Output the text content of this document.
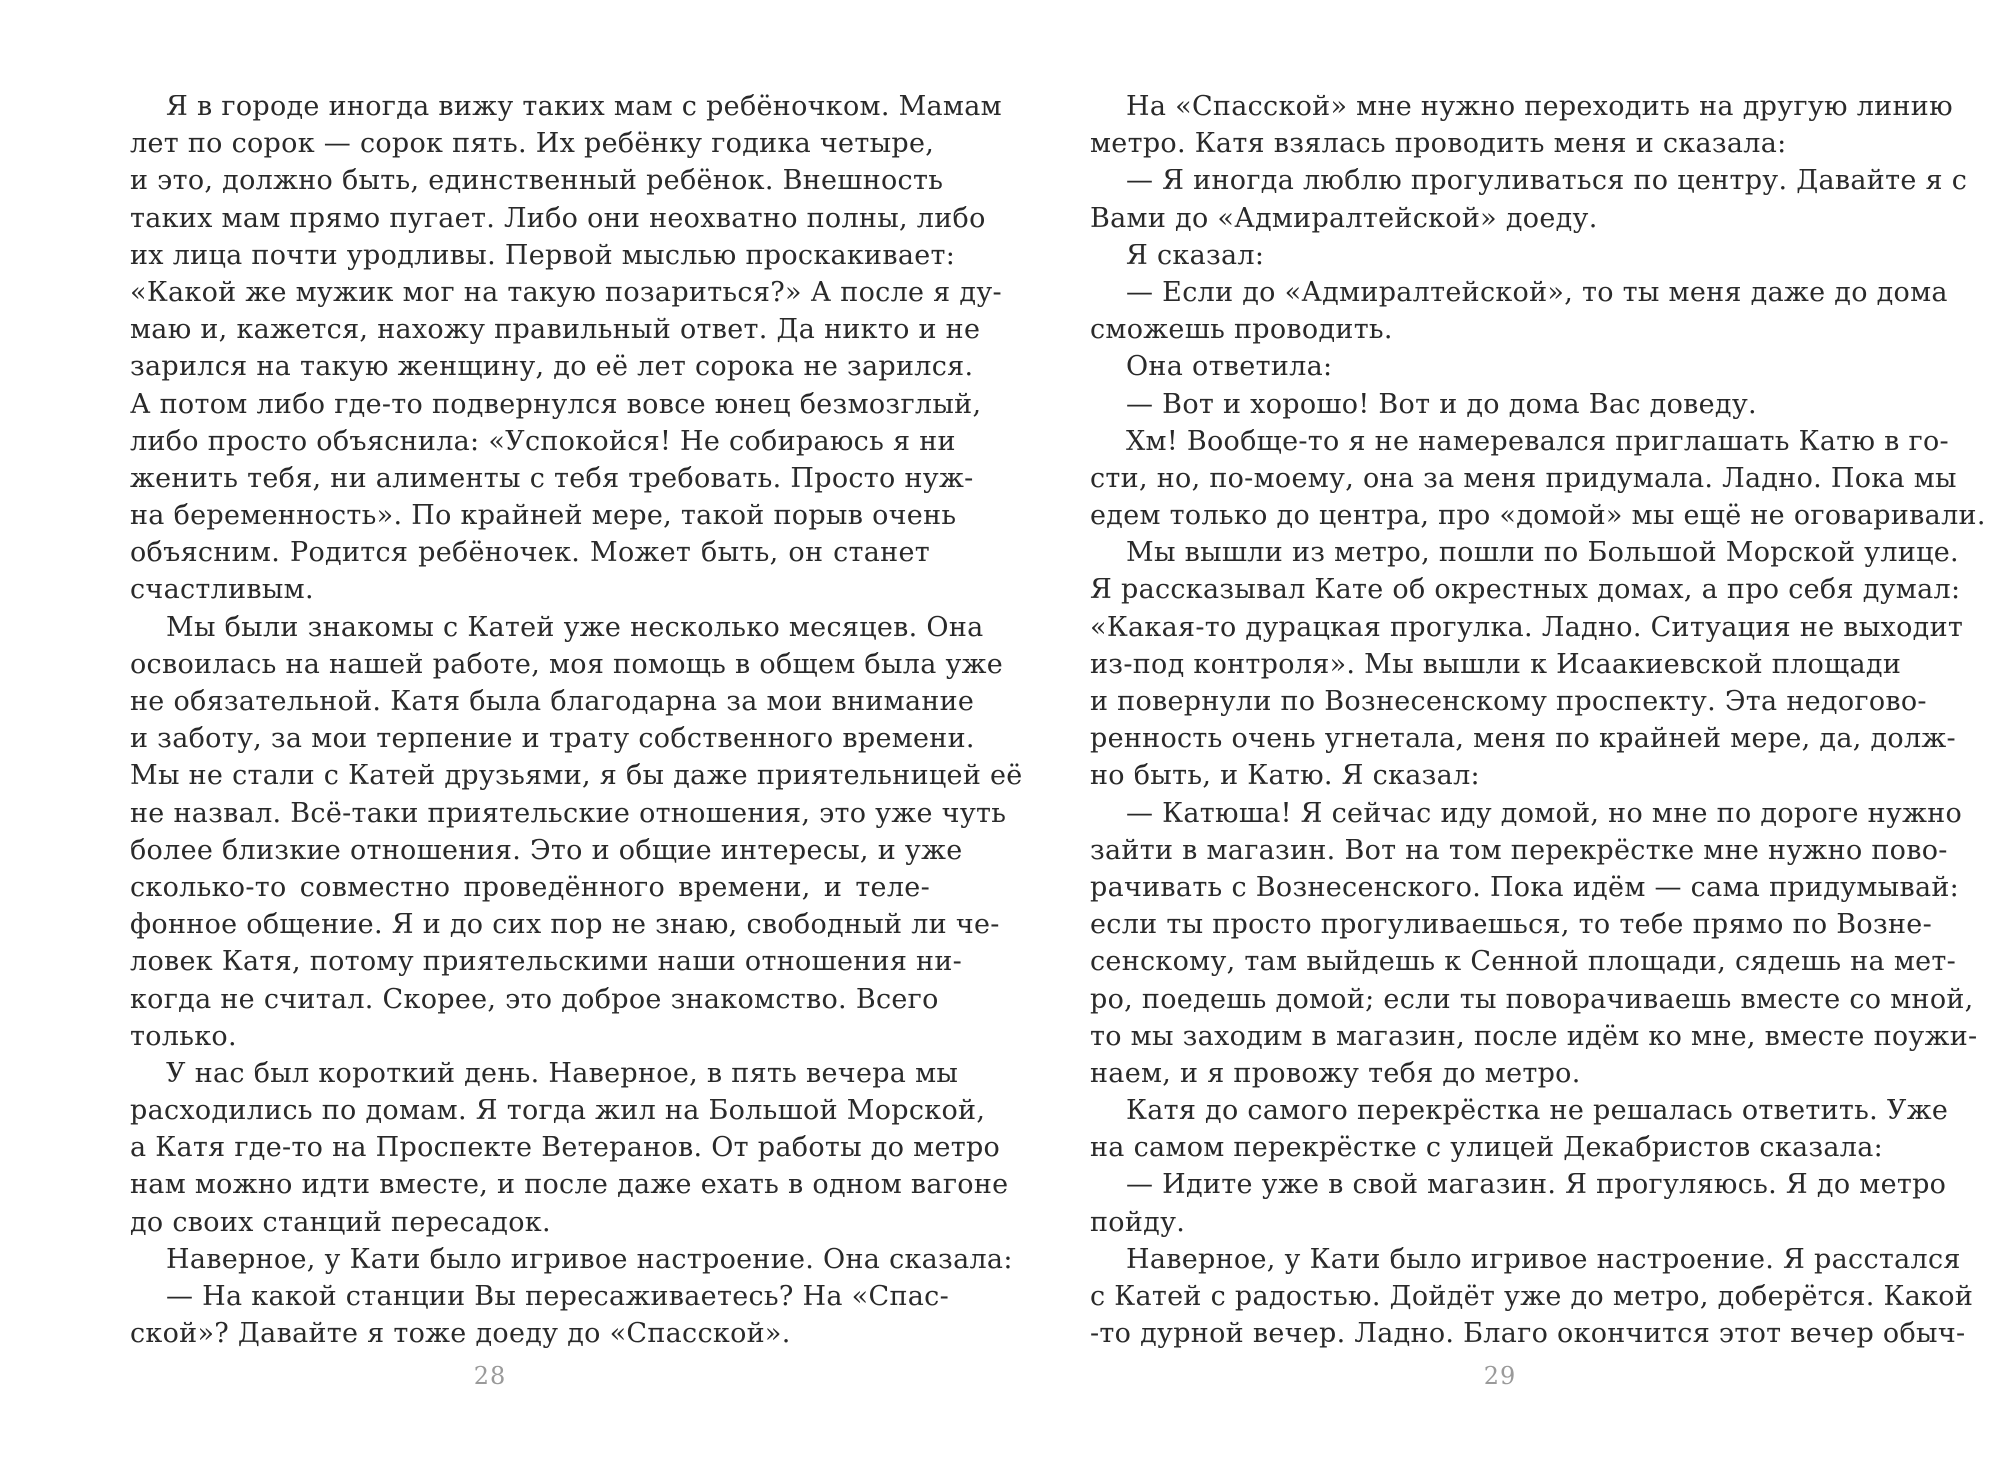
Я в городе иногда вижу таких мам с ребёночком. Мамам
лет по сорок — сорок пять. Их ребёнку годика четыре,
и это, должно быть, единственный ребёнок. Внешность
таких мам прямо пугает. Либо они неохватно полны, либо
их лица почти уродливы. Первой мыслью проскакивает:
«Какой же мужик мог на такую позариться?» А после я ду-
маю и, кажется, нахожу правильный ответ. Да никто и не
зарился на такую женщину, до её лет сорока не зарился.
А потом либо где-то подвернулся вовсе юнец безмозглый,
либо просто объяснила: «Успокойся! Не собираюсь я ни
женить тебя, ни алименты с тебя требовать. Просто нуж-
на беременность». По крайней мере, такой порыв очень
объясним. Родится ребёночек. Может быть, он станет
счастливым.
Мы были знакомы с Катей уже несколько месяцев. Она
освоилась на нашей работе, моя помощь в общем была уже
не обязательной. Катя была благодарна за мои внимание
и заботу, за мои терпение и трату собственного времени.
Мы не стали с Катей друзьями, я бы даже приятельницей её
не назвал. Всё-таки приятельские отношения, это уже чуть
более близкие отношения. Это и общие интересы, и уже
сколько-то совместно проведённого времени, и теле-
фонное общение. Я и до сих пор не знаю, свободный ли че-
ловек Катя, потому приятельскими наши отношения ни-
когда не считал. Скорее, это доброе знакомство. Всего
только.
У нас был короткий день. Наверное, в пять вечера мы
расходились по домам. Я тогда жил на Большой Морской,
а Катя где-то на Проспекте Ветеранов. От работы до метро
нам можно идти вместе, и после даже ехать в одном вагоне
до своих станций пересадок.
Наверное, у Кати было игривое настроение. Она сказала:
— На какой станции Вы пересаживаетесь? На «Спас-
ской»? Давайте я тоже доеду до «Спасской».
28
На «Спасской» мне нужно переходить на другую линию
метро. Катя взялась проводить меня и сказала:
— Я иногда люблю прогуливаться по центру. Давайте я с
Вами до «Адмиралтейской» доеду.
Я сказал:
— Если до «Адмиралтейской», то ты меня даже до дома
сможешь проводить.
Она ответила:
— Вот и хорошо! Вот и до дома Вас доведу.
Хм! Вообще-то я не намеревался приглашать Катю в го-
сти, но, по-моему, она за меня придумала. Ладно. Пока мы
едем только до центра, про «домой» мы ещё не оговаривали.
Мы вышли из метро, пошли по Большой Морской улице.
Я рассказывал Кате об окрестных домах, а про себя думал:
«Какая-то дурацкая прогулка. Ладно. Ситуация не выходит
из-под контроля». Мы вышли к Исаакиевской площади
и повернули по Вознесенскому проспекту. Эта недогово-
ренность очень угнетала, меня по крайней мере, да, долж-
но быть, и Катю. Я сказал:
— Катюша! Я сейчас иду домой, но мне по дороге нужно
зайти в магазин. Вот на том перекрёстке мне нужно пово-
рачивать с Вознесенского. Пока идём — сама придумывай:
если ты просто прогуливаешься, то тебе прямо по Возне-
сенскому, там выйдешь к Сенной площади, сядешь на мет-
ро, поедешь домой; если ты поворачиваешь вместе со мной,
то мы заходим в магазин, после идём ко мне, вместе поужи-
наем, и я провожу тебя до метро.
Катя до самого перекрёстка не решалась ответить. Уже
на самом перекрёстке с улицей Декабристов сказала:
— Идите уже в свой магазин. Я прогуляюсь. Я до метро
пойду.
Наверное, у Кати было игривое настроение. Я расстался
с Катей с радостью. Дойдёт уже до метро, доберётся. Какой
-то дурной вечер. Ладно. Благо окончится этот вечер обыч-
29
